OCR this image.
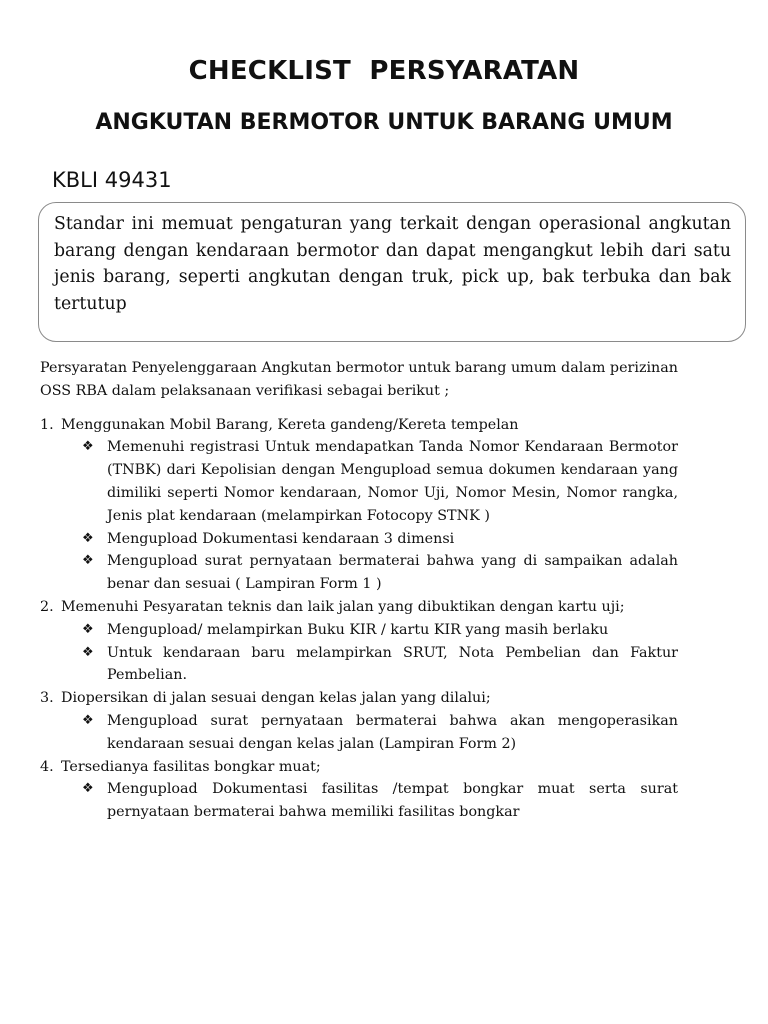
CHECKLIST  PERSYARATAN
ANGKUTAN BERMOTOR UNTUK BARANG UMUM
KBLI 49431
Standar ini memuat pengaturan yang terkait dengan operasional angkutan barang dengan kendaraan bermotor dan dapat mengangkut lebih dari satu jenis barang, seperti angkutan dengan truk, pick up, bak terbuka dan bak tertutup

Persyaratan Penyelenggaraan Angkutan bermotor untuk barang umum dalam perizinan OSS RBA dalam pelaksanaan verifikasi sebagai berikut ;

1. Menggunakan Mobil Barang, Kereta gandeng/Kereta tempelan
❖ Memenuhi registrasi Untuk mendapatkan Tanda Nomor Kendaraan Bermotor (TNBK) dari Kepolisian dengan Mengupload semua dokumen kendaraan yang dimiliki seperti Nomor kendaraan, Nomor Uji, Nomor Mesin, Nomor rangka, Jenis plat kendaraan (melampirkan Fotocopy STNK )
❖ Mengupload Dokumentasi kendaraan 3 dimensi
❖ Mengupload surat pernyataan bermaterai bahwa yang di sampaikan adalah benar dan sesuai ( Lampiran Form 1 )
2. Memenuhi Pesyaratan teknis dan laik jalan yang dibuktikan dengan kartu uji;
❖ Mengupload/ melampirkan Buku KIR / kartu KIR yang masih berlaku
❖ Untuk kendaraan baru melampirkan SRUT, Nota Pembelian dan Faktur Pembelian.
3. Diopersikan di jalan sesuai dengan kelas jalan yang dilalui;
❖ Mengupload surat pernyataan bermaterai bahwa akan mengoperasikan kendaraan sesuai dengan kelas jalan (Lampiran Form 2)
4. Tersedianya fasilitas bongkar muat;
❖ Mengupload Dokumentasi fasilitas /tempat bongkar muat serta surat pernyataan bermaterai bahwa memiliki fasilitas bongkar
